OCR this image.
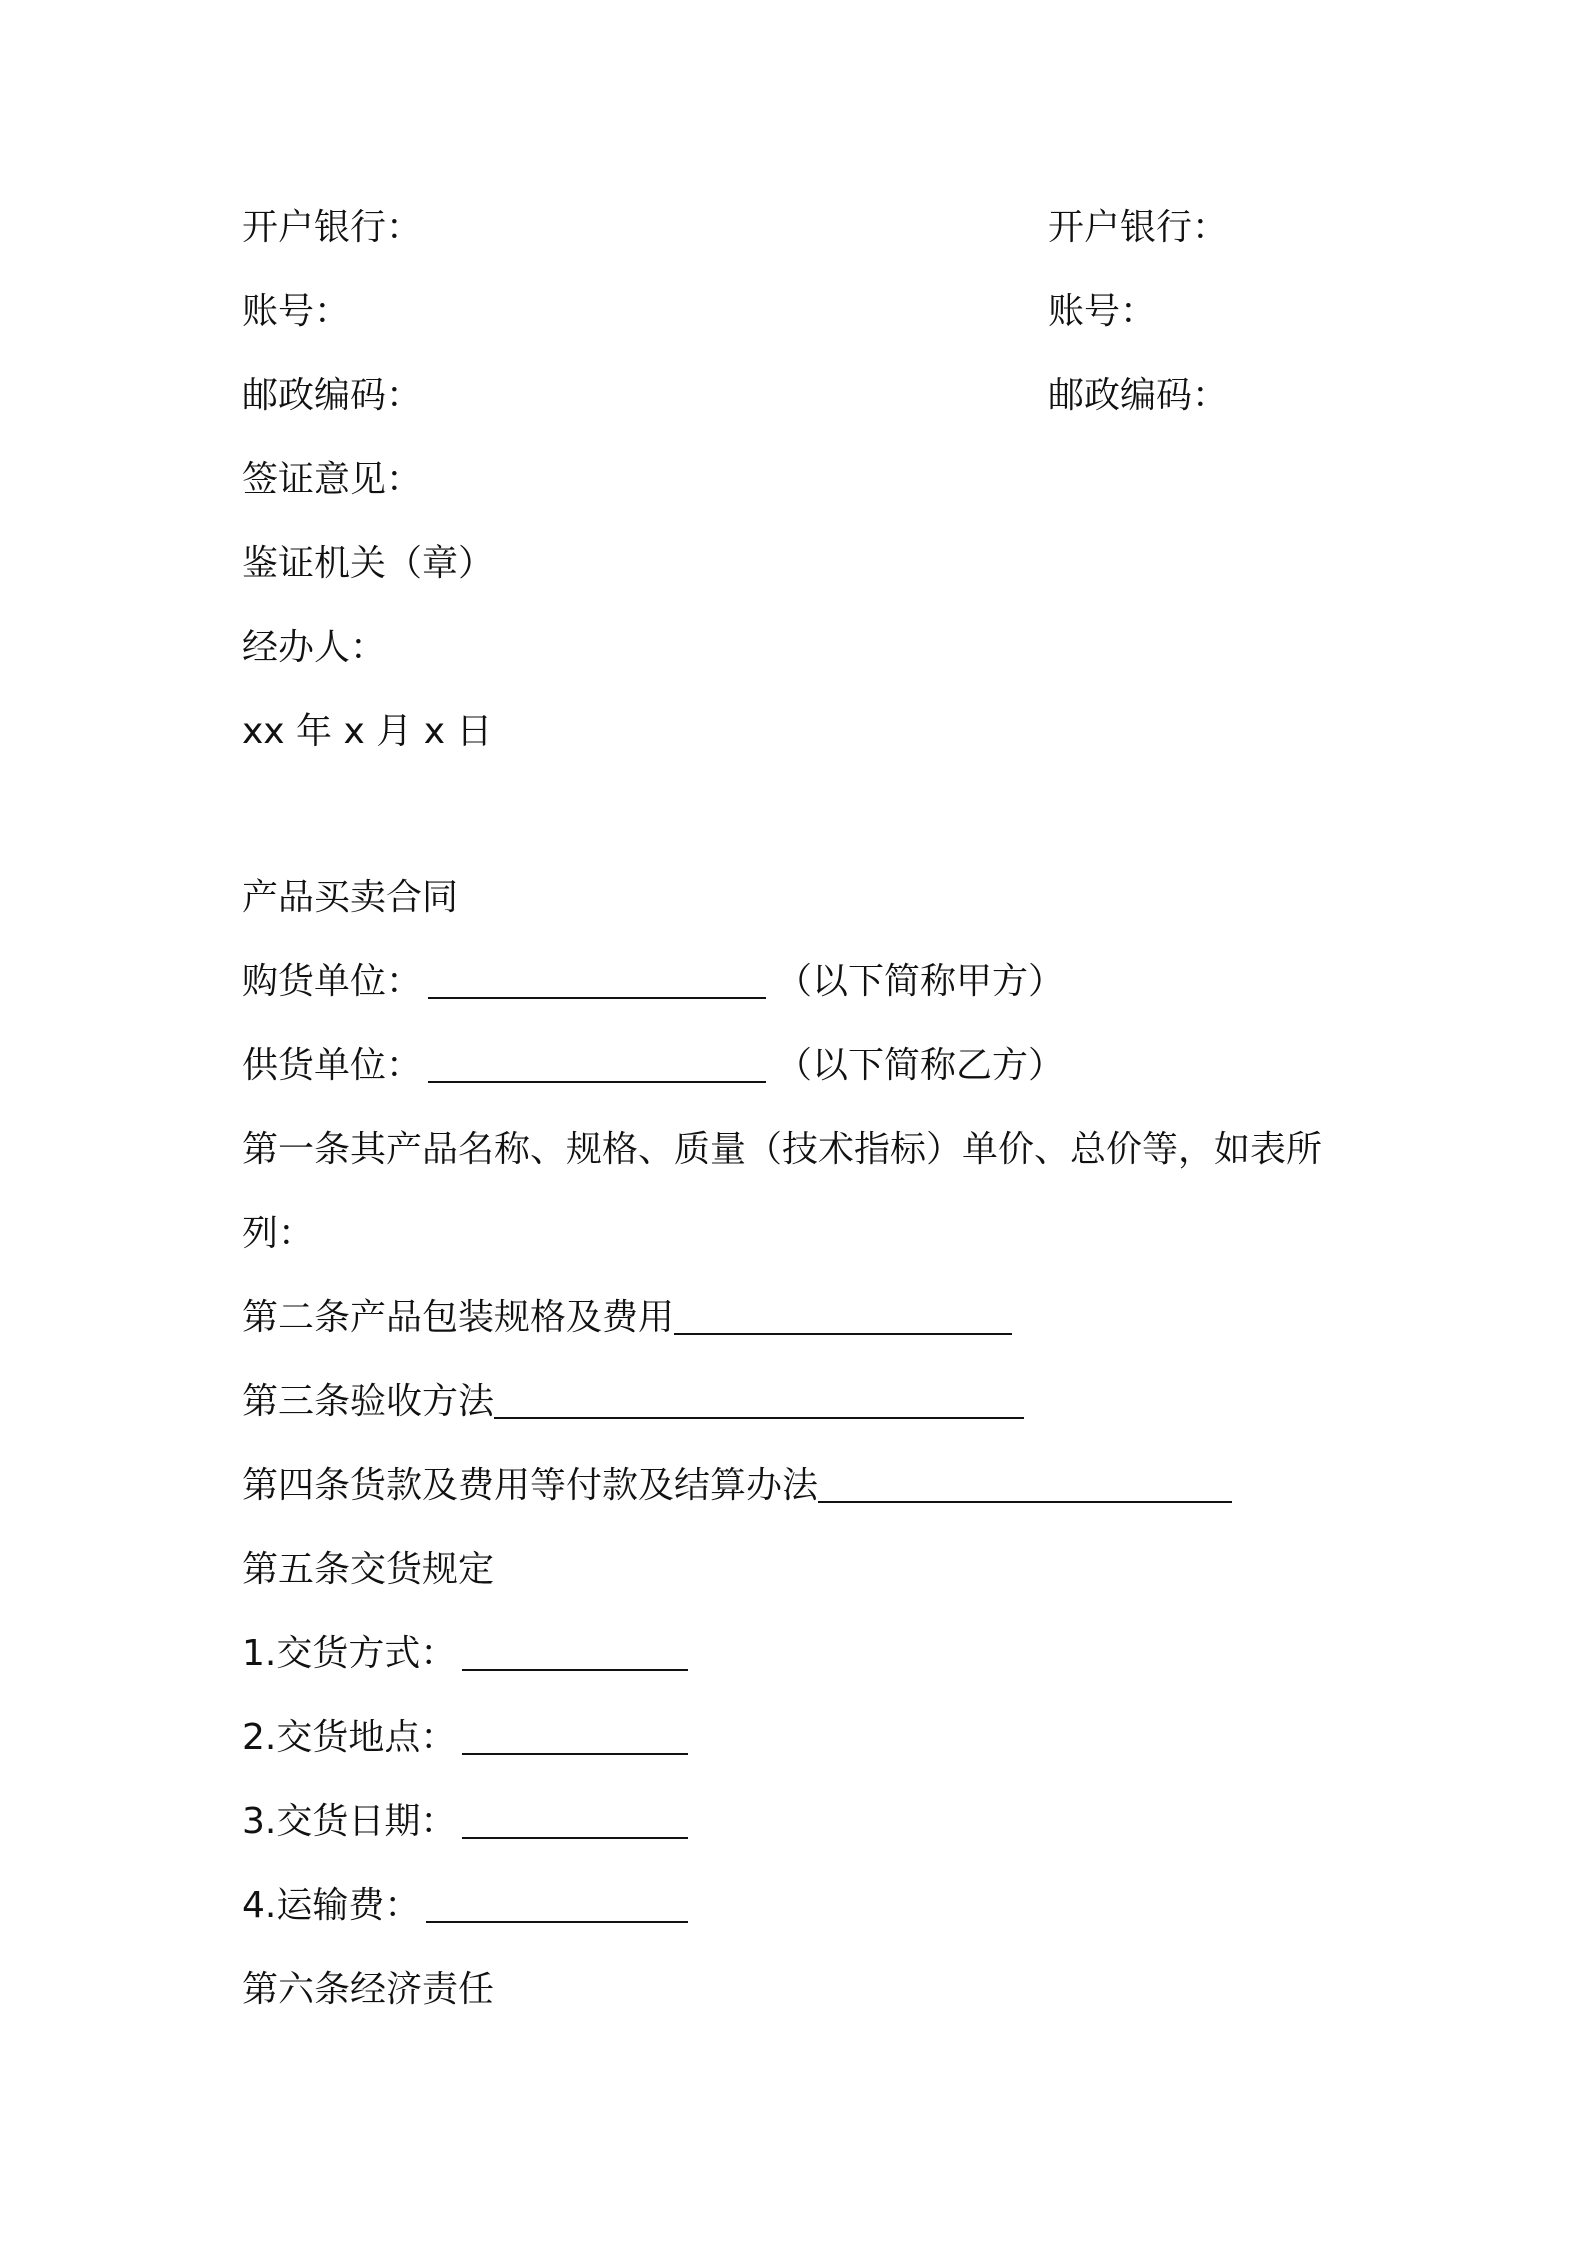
开户银行：	开户银行：
账号：	账号：
邮政编码：	邮政编码：
签证意见：
鉴证机关（章）
经办人：
xx 年 x 月 x 日
产品买卖合同
购货单位：	（以下简称甲方）
供货单位：	（以下简称乙方）
第一条其产品名称、规格、质量（技术指标）单价、总价等，如表所
列：
第二条产品包装规格及费用
第三条验收方法
第四条货款及费用等付款及结算办法
第五条交货规定
1.交货方式：
2.交货地点：
3.交货日期：
4.运输费：
第六条经济责任
